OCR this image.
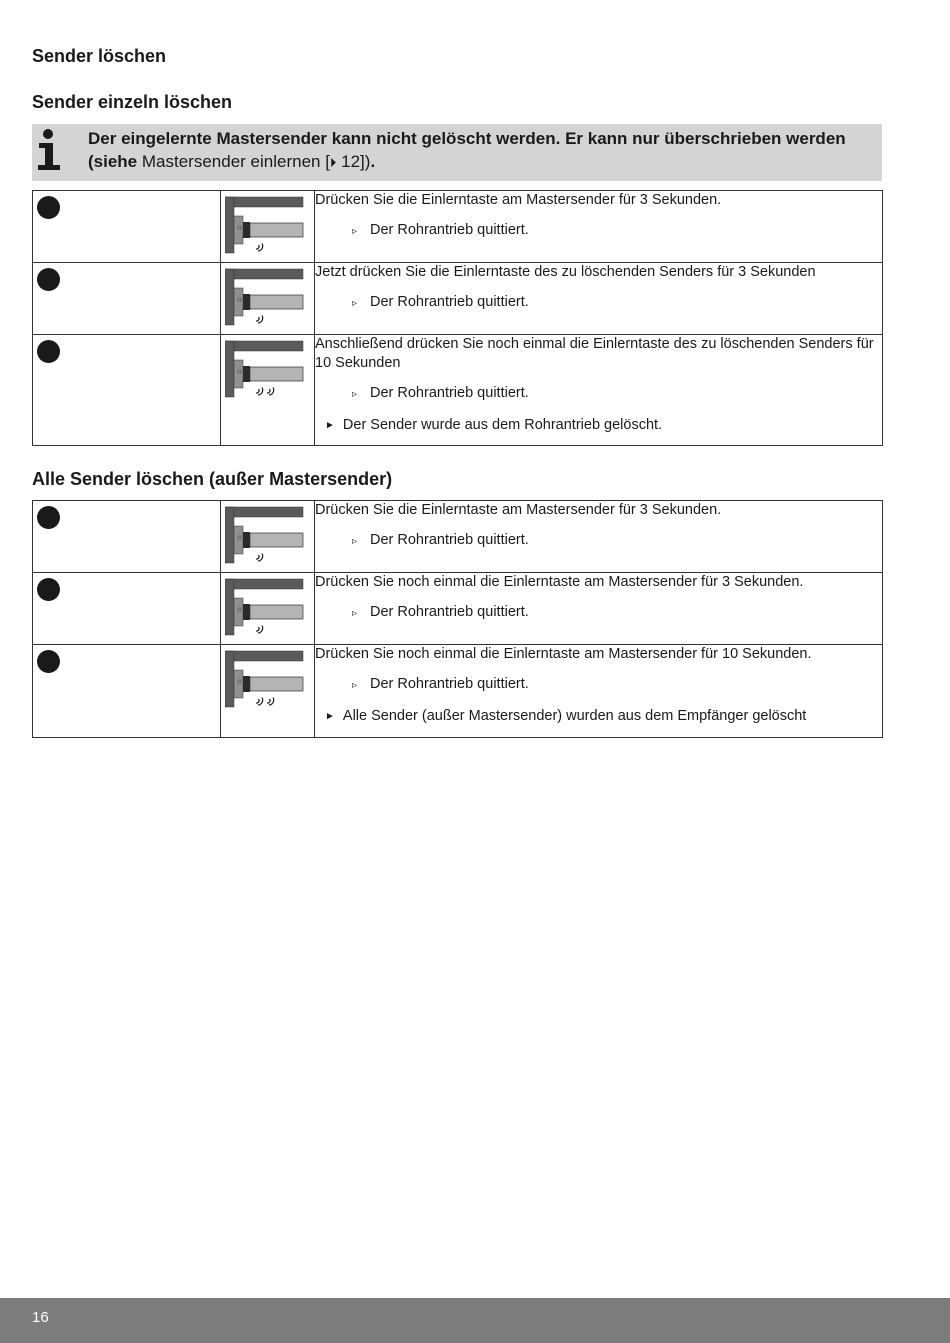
Sender löschen
Sender einzeln löschen
Der eingelernte Mastersender kann nicht gelöscht werden. Er kann nur überschrieben werden (siehe Mastersender einlernen [⏵ 12]).

Drücken Sie die Einlerntaste am Mastersender für 3 Sekunden.
▹ Der Rohrantrieb quittiert.

Jetzt drücken Sie die Einlerntaste des zu löschenden Senders für 3 Sekunden
▹ Der Rohrantrieb quittiert.

Anschließend drücken Sie noch einmal die Einlerntaste des zu löschenden Senders für 10 Sekunden
▹ Der Rohrantrieb quittiert.
► Der Sender wurde aus dem Rohrantrieb gelöscht.
Alle Sender löschen (außer Mastersender)

Drücken Sie die Einlerntaste am Mastersender für 3 Sekunden.
▹ Der Rohrantrieb quittiert.

Drücken Sie noch einmal die Einlerntaste am Mastersender für 3 Sekunden.
▹ Der Rohrantrieb quittiert.

Drücken Sie noch einmal die Einlerntaste am Mastersender für 10 Sekunden.
▹ Der Rohrantrieb quittiert.
► Alle Sender (außer Mastersender) wurden aus dem Empfänger gelöscht
16
